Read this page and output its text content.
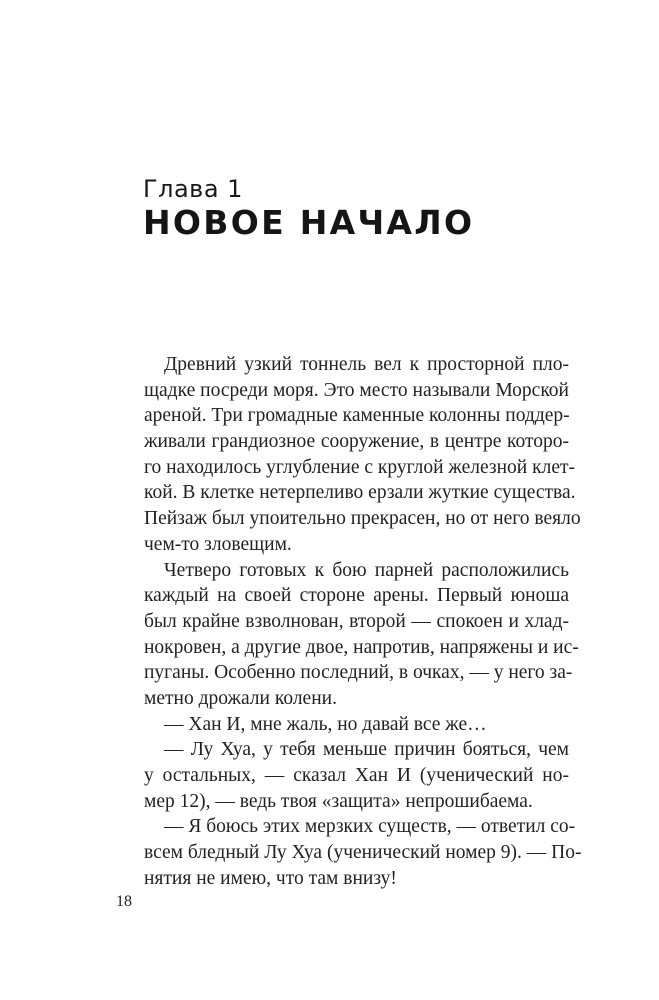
Глава 1
НОВОЕ НАЧАЛО
Древний узкий тоннель вел к просторной пло-
щадке посреди моря. Это место называли Морской
ареной. Три громадные каменные колонны поддер-
живали грандиозное сооружение, в центре которо-
го находилось углубление с круглой железной клет-
кой. В клетке нетерпеливо ерзали жуткие существа.
Пейзаж был упоительно прекрасен, но от него веяло
чем-то зловещим.
Четверо готовых к бою парней расположились
каждый на своей стороне арены. Первый юноша
был крайне взволнован, второй — спокоен и хлад-
нокровен, а другие двое, напротив, напряжены и ис-
пуганы. Особенно последний, в очках, — у него за-
метно дрожали колени.
— Хан И, мне жаль, но давай все же…
— Лу Хуа, у тебя меньше причин бояться, чем
у остальных, — сказал Хан И (ученический но-
мер 12), — ведь твоя «защита» непрошибаема.
— Я боюсь этих мерзких существ, — ответил со-
всем бледный Лу Хуа (ученический номер 9). — По-
нятия не имею, что там внизу!
18
